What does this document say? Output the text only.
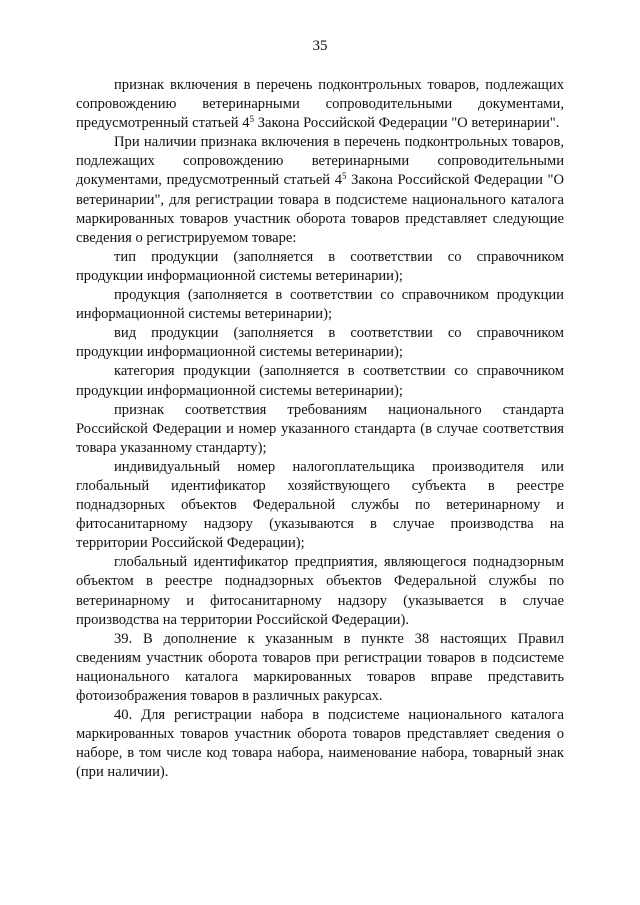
35

признак включения в перечень подконтрольных товаров, подлежащих сопровождению ветеринарными сопроводительными документами, предусмотренный статьей $4^5$ Закона Российской Федерации "О ветеринарии".

При наличии признака включения в перечень подконтрольных товаров, подлежащих сопровождению ветеринарными сопроводительными документами, предусмотренный статьей $4^5$ Закона Российской Федерации "О ветеринарии", для регистрации товара в подсистеме национального каталога маркированных товаров участник оборота товаров представляет следующие сведения о регистрируемом товаре:

тип продукции (заполняется в соответствии со справочником продукции информационной системы ветеринарии);

продукция (заполняется в соответствии со справочником продукции информационной системы ветеринарии);

вид продукции (заполняется в соответствии со справочником продукции информационной системы ветеринарии);

категория продукции (заполняется в соответствии со справочником продукции информационной системы ветеринарии);

признак соответствия требованиям национального стандарта Российской Федерации и номер указанного стандарта (в случае соответствия товара указанному стандарту);

индивидуальный номер налогоплательщика производителя или глобальный идентификатор хозяйствующего субъекта в реестре поднадзорных объектов Федеральной службы по ветеринарному и фитосанитарному надзору (указываются в случае производства на территории Российской Федерации);

глобальный идентификатор предприятия, являющегося поднадзорным объектом в реестре поднадзорных объектов Федеральной службы по ветеринарному и фитосанитарному надзору (указывается в случае производства на территории Российской Федерации).

39. В дополнение к указанным в пункте 38 настоящих Правил сведениям участник оборота товаров при регистрации товаров в подсистеме национального каталога маркированных товаров вправе представить фотоизображения товаров в различных ракурсах.

40. Для регистрации набора в подсистеме национального каталога маркированных товаров участник оборота товаров представляет сведения о наборе, в том числе код товара набора, наименование набора, товарный знак (при наличии).
